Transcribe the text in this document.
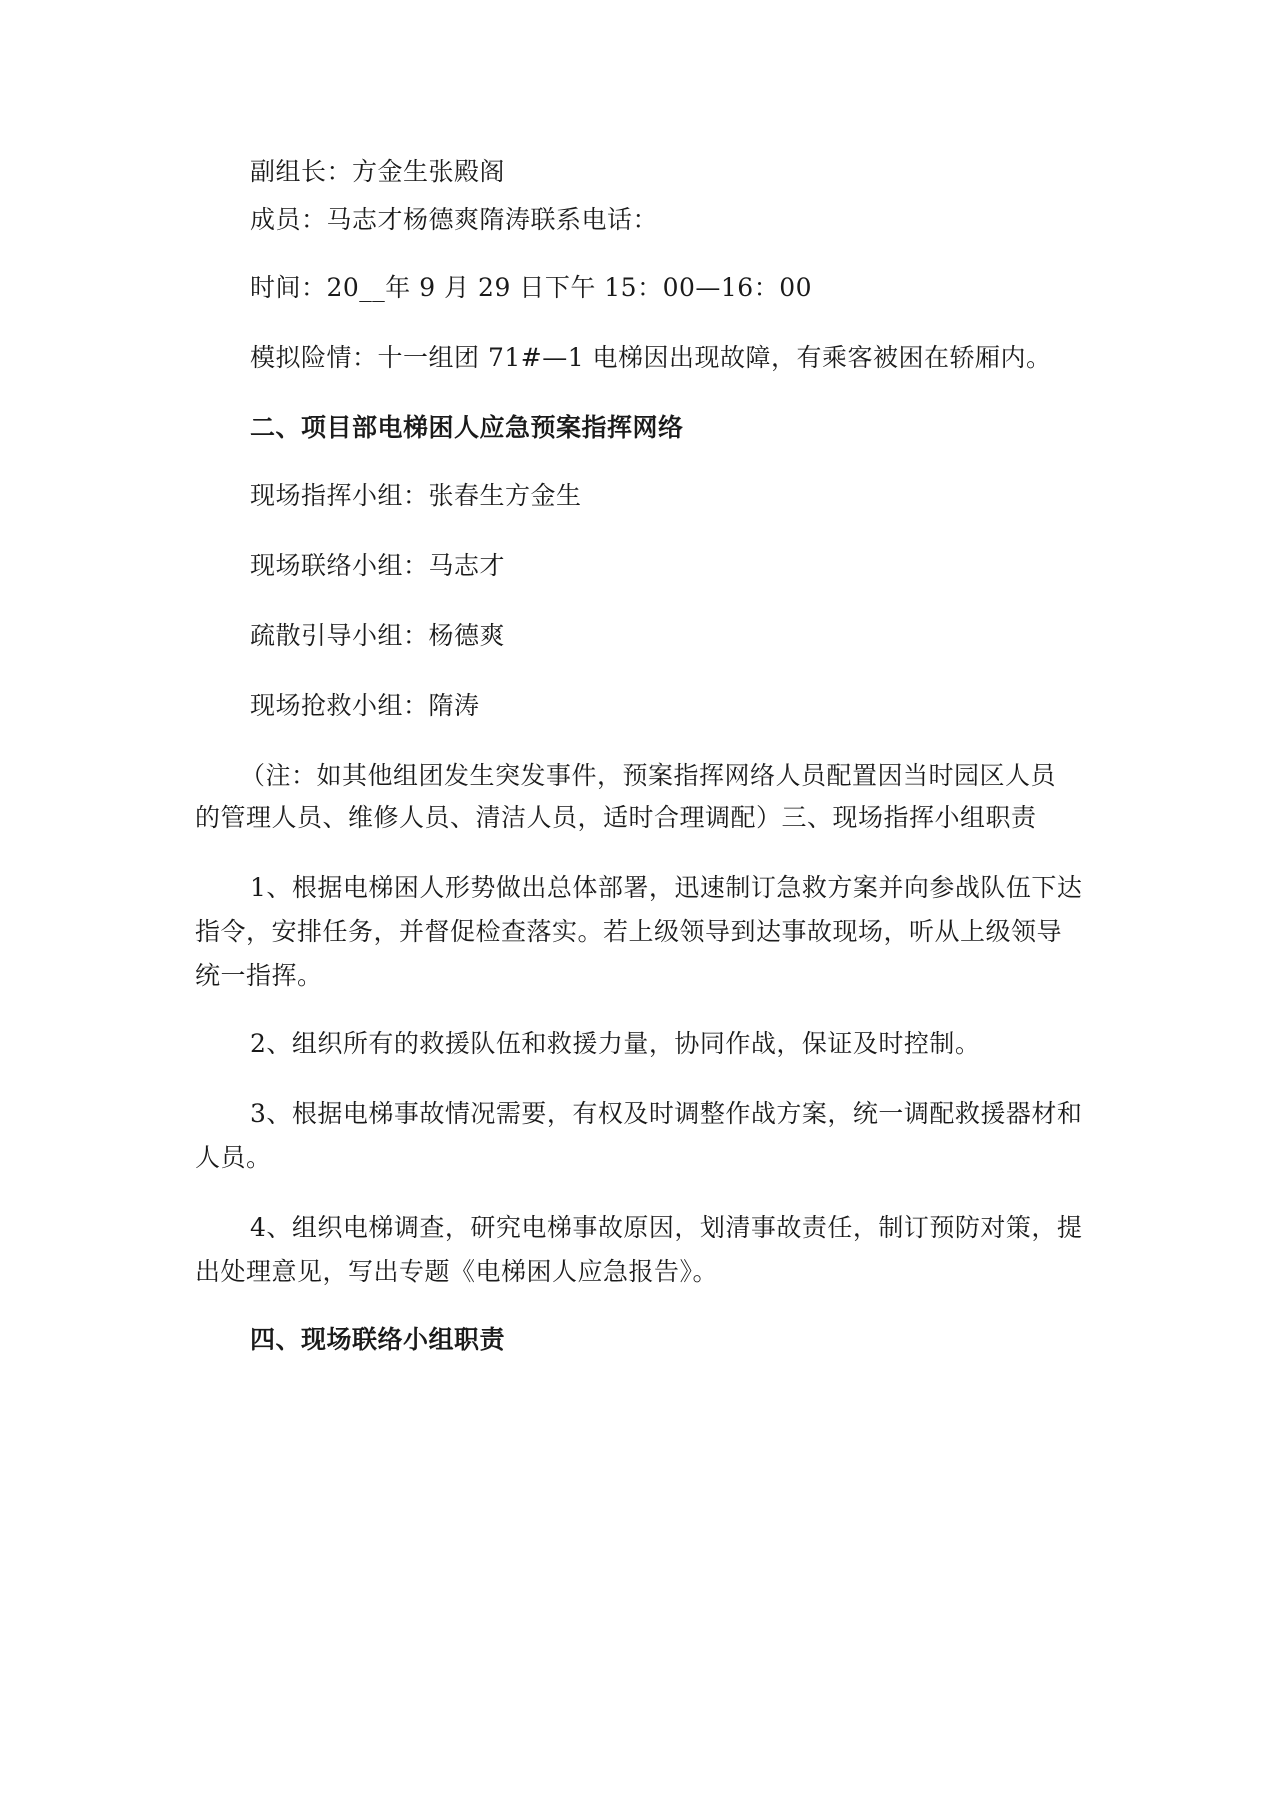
副组长：方金生张殿阁

成员：马志才杨德爽隋涛联系电话：

时间：20__年 9 月 29 日下午 15：00—16：00

模拟险情：十一组团 71#—1 电梯因出现故障，有乘客被困在轿厢内。

二、项目部电梯困人应急预案指挥网络

现场指挥小组：张春生方金生

现场联络小组：马志才

疏散引导小组：杨德爽

现场抢救小组：隋涛

（注：如其他组团发生突发事件，预案指挥网络人员配置因当时园区人员

的管理人员、维修人员、清洁人员，适时合理调配）三、现场指挥小组职责

1、根据电梯困人形势做出总体部署，迅速制订急救方案并向参战队伍下达

指令，安排任务，并督促检查落实。若上级领导到达事故现场，听从上级领导

统一指挥。

2、组织所有的救援队伍和救援力量，协同作战，保证及时控制。

3、根据电梯事故情况需要，有权及时调整作战方案，统一调配救援器材和

人员。

4、组织电梯调查，研究电梯事故原因，划清事故责任，制订预防对策，提

出处理意见，写出专题《电梯困人应急报告》。

四、现场联络小组职责
